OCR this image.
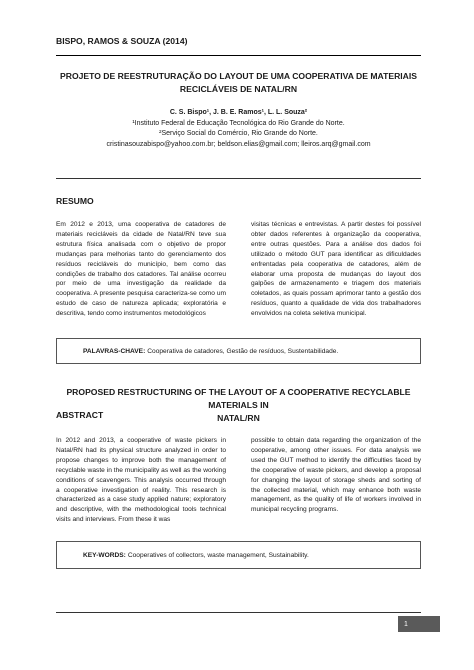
BISPO, RAMOS & SOUZA (2014)
PROJETO DE REESTRUTURAÇÃO DO LAYOUT DE UMA COOPERATIVA DE MATERIAIS
RECICLÁVEIS DE NATAL/RN
C. S. Bispo¹, J. B. E. Ramos¹, L. L. Souza²
¹Instituto Federal de Educação Tecnológica do Rio Grande do Norte.
²Serviço Social do Comércio, Rio Grande do Norte.
cristinasouzabispo@yahoo.com.br; beldson.elias@gmail.com; lleiros.arq@gmail.com
RESUMO
Em 2012 e 2013, uma cooperativa de catadores de materiais recicláveis da cidade de Natal/RN teve sua estrutura física analisada com o objetivo de propor mudanças para melhorias tanto do gerenciamento dos resíduos recicláveis do município, bem como das condições de trabalho dos catadores. Tal análise ocorreu por meio de uma investigação da realidade da cooperativa. A presente pesquisa caracteriza-se como um estudo de caso de natureza aplicada; exploratória e descritiva, tendo como instrumentos metodológicos
visitas técnicas e entrevistas. A partir destes foi possível obter dados referentes à organização da cooperativa, entre outras questões. Para a análise dos dados foi utilizado o método GUT para identificar as dificuldades enfrentadas pela cooperativa de catadores, além de elaborar uma proposta de mudanças do layout dos galpões de armazenamento e triagem dos materiais coletados, as quais possam aprimorar tanto a gestão dos resíduos, quanto a qualidade de vida dos trabalhadores envolvidos na coleta seletiva municipal.
PALAVRAS-CHAVE: Cooperativa de catadores, Gestão de resíduos, Sustentabilidade.
PROPOSED RESTRUCTURING OF THE LAYOUT OF A COOPERATIVE RECYCLABLE MATERIALS IN
NATAL/RN
ABSTRACT
In 2012 and 2013, a cooperative of waste pickers in Natal/RN had its physical structure analyzed in order to propose changes to improve both the management of recyclable waste in the municipality as well as the working conditions of scavengers. This analysis occurred through a cooperative investigation of reality. This research is characterized as a case study applied nature; exploratory and descriptive, with the methodological tools technical visits and interviews. From these it was
possible to obtain data regarding the organization of the cooperative, among other issues. For data analysis we used the GUT method to identify the difficulties faced by the cooperative of waste pickers, and develop a proposal for changing the layout of storage sheds and sorting of the collected material, which may enhance both waste management, as the quality of life of workers involved in municipal recycling programs.
KEY-WORDS: Cooperatives of collectors, waste management, Sustainability.
1
